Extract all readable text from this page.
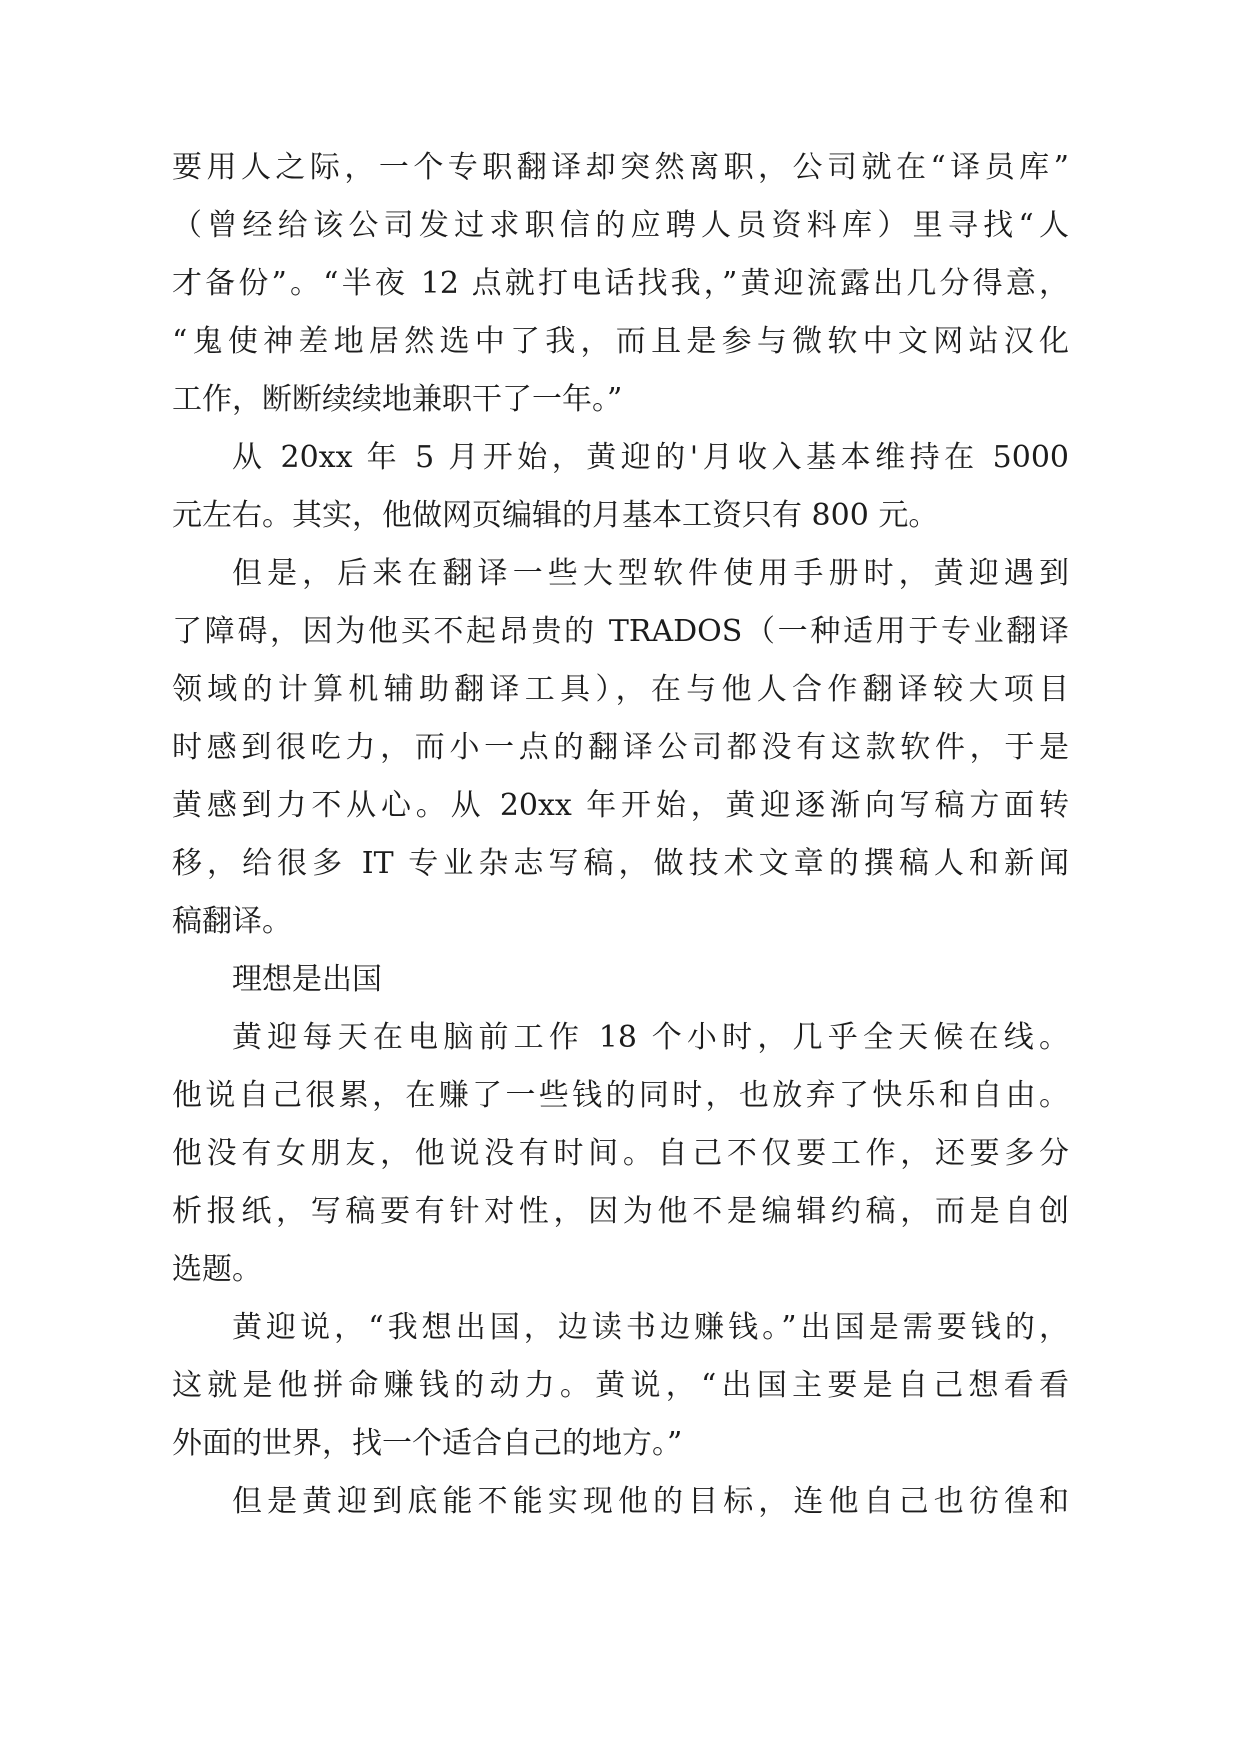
要用人之际，一个专职翻译却突然离职，公司就在“译员库”
（曾经给该公司发过求职信的应聘人员资料库）里寻找“人
才备份”。“半夜 12 点就打电话找我，”黄迎流露出几分得意，
“鬼使神差地居然选中了我，而且是参与微软中文网站汉化
工作，断断续续地兼职干了一年。”
从 20xx 年 5 月开始，黄迎的'月收入基本维持在 5000
元左右。其实，他做网页编辑的月基本工资只有 800 元。
但是，后来在翻译一些大型软件使用手册时，黄迎遇到
了障碍，因为他买不起昂贵的 TRADOS（一种适用于专业翻译
领域的计算机辅助翻译工具），在与他人合作翻译较大项目
时感到很吃力，而小一点的翻译公司都没有这款软件，于是
黄感到力不从心。从 20xx 年开始，黄迎逐渐向写稿方面转
移，给很多 IT 专业杂志写稿，做技术文章的撰稿人和新闻
稿翻译。
理想是出国
黄迎每天在电脑前工作 18 个小时，几乎全天候在线。
他说自己很累，在赚了一些钱的同时，也放弃了快乐和自由。
他没有女朋友，他说没有时间。自己不仅要工作，还要多分
析报纸，写稿要有针对性，因为他不是编辑约稿，而是自创
选题。
黄迎说，“我想出国，边读书边赚钱。”出国是需要钱的，
这就是他拼命赚钱的动力。黄说，“出国主要是自己想看看
外面的世界，找一个适合自己的地方。”
但是黄迎到底能不能实现他的目标，连他自己也彷徨和
